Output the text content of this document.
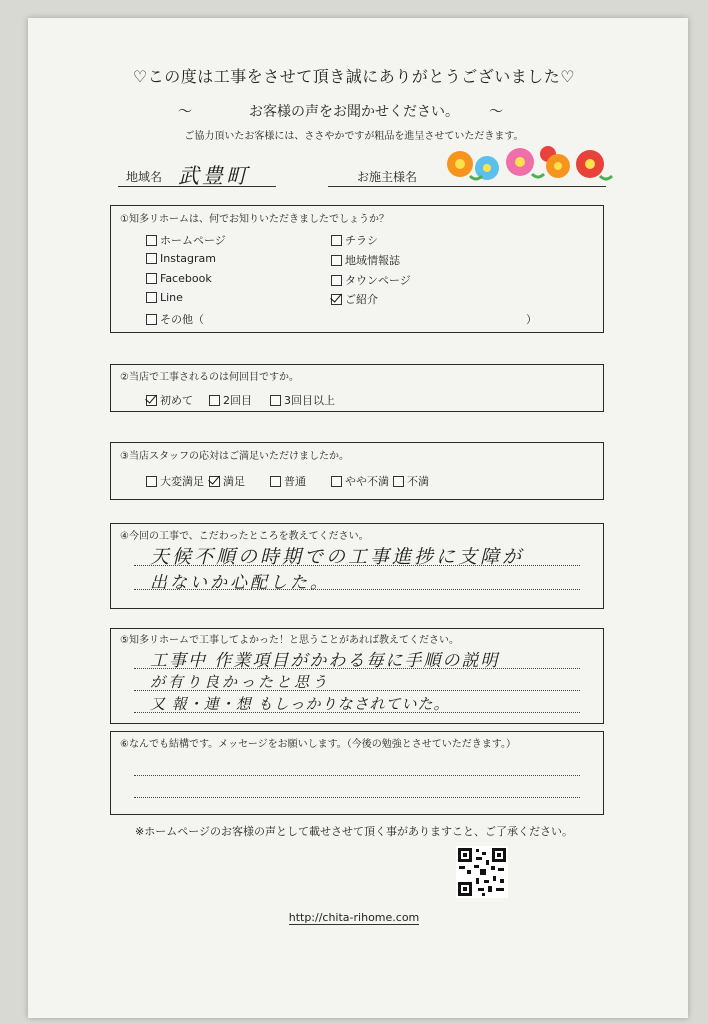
♡この度は工事をさせて頂き誠にありがとうございました♡
お客様の声をお聞かせください。
〜	〜
ご協力頂いたお客様には、ささやかですが粗品を進呈させていただきます。
地域名 武豊町	お施主様名
①知多リホームは、何でお知りいただきましたでしょうか？
ホームページ
Instagram
Facebook
Line
その他（	）
チラシ
地域情報誌
タウンページ
ご紹介
②当店で工事されるのは何回目ですか。
初めて	2回目	3回目以上
③当店スタッフの応対はご満足いただけましたか。
大変満足 満足	普通	やや不満 不満
④今回の工事で、こだわったところを教えてください。
天候不順の時期での工事進捗に支障が
出ないか心配した。
⑤知多リホームで工事してよかった！と思うことがあれば教えてください。
工事中 作業項目がかわる毎に手順の説明
が有り良かったと思う
又 報・連・想 もしっかりなされていた。
⑥なんでも結構です。メッセージをお願いします。（今後の勉強とさせていただきます。）
※ホームページのお客様の声として載せさせて頂く事がありますこと、ご了承ください。
http://chita-rihome.com
